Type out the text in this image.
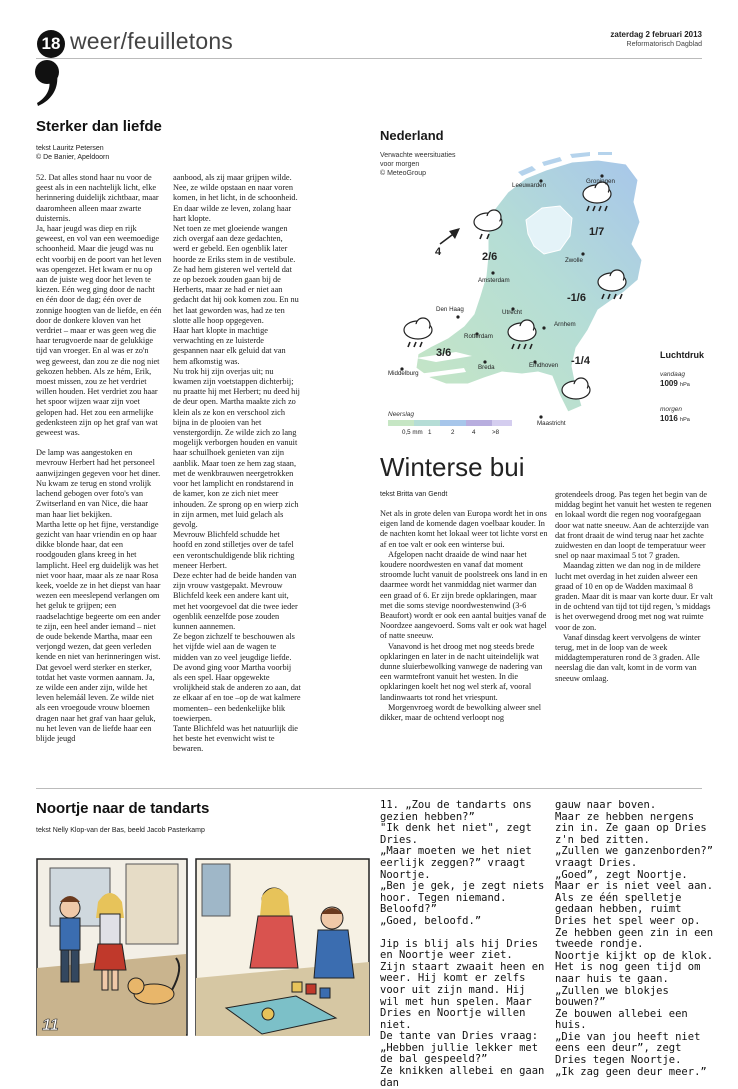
18 weer/feuilletons	zaterdag 2 februari 2013
Reformatorisch Dagblad
Sterker dan liefde
tekst Lauritz Petersen
© De Banier, Apeldoorn

52. Dat alles stond haar nu voor de geest als in een nachtelijk licht, elke herinnering duidelijk zichtbaar, maar daaromheen alleen maar zwarte duisternis.

Ja, haar jeugd was diep en rijk geweest, en vol van een weemoedige schoonheid. Maar die jeugd was nu echt voorbij en de poort van het leven was opengezet. Het kwam er nu op aan de juiste weg door het leven te kiezen. Eén weg ging door de nacht en één door de dag; één over de zonnige hoogten van de liefde, en één door de donkere kloven van het verdriet – maar er was geen weg die haar terugvoerde naar de gelukkige tijd van vroeger. En al was er zo'n weg geweest, dan zou ze die nog niet gekozen hebben. Als ze hém, Erik, moest missen, zou ze het verdriet willen houden. Het verdriet zou haar het spoor wijzen waar zijn voet gelopen had. Het zou een armelijke gedenksteen zijn op het graf van wat geweest was.

De lamp was aangestoken en mevrouw Herbert had het personeel aanwijzingen gegeven voor het diner.

Nu kwam ze terug en stond vrolijk lachend gebogen over foto's van Zwitserland en van Nice, die haar man haar liet bekijken.

Martha lette op het fijne, verstandige gezicht van haar vriendin en op haar dikke blonde haar, dat een roodgouden glans kreeg in het lamplicht. Heel erg duidelijk was het niet voor haar, maar als ze naar Rosa keek, voelde ze in het diepst van haar wezen een meeslepend verlangen om het geluk te grijpen; een raadselachtige begeerte om een ander te zijn, een heel ander iemand – niet de oude bekende Martha, maar een verjongd wezen, dat geen verleden kende en niet van herinneringen wist.

Dat gevoel werd sterker en sterker, totdat het vaste vormen aannam. Ja, ze wilde een ander zijn, wilde het leven helemáál leven. Ze wilde niet als een vroegoude vrouw bloemen dragen naar het graf van haar geluk, nu het leven van de liefde haar een blijde jeugd

aanbood, als zij maar grijpen wilde. Nee, ze wilde opstaan en naar voren komen, in het licht, in de schoonheid. En daar wilde ze leven, zolang haar hart klopte.

Net toen ze met gloeiende wangen zich overgaf aan deze gedachten, werd er gebeld. Een ogenblik later hoorde ze Eriks stem in de vestibule. Ze had hem gisteren wel verteld dat ze op bezoek zouden gaan bij de Herberts, maar ze had er niet aan gedacht dat hij ook komen zou. En nu het laat geworden was, had ze ten slotte alle hoop opgegeven.

Haar hart klopte in machtige verwachting en ze luisterde gespannen naar elk geluid dat van hem afkomstig was.

Nu trok hij zijn overjas uit; nu kwamen zijn voetstappen dichterbij; nu praatte hij met Herbert; nu deed hij de deur open. Martha maakte zich zo klein als ze kon en verschool zich bijna in de plooien van het venstergordijn. Ze wilde zich zo lang mogelijk verborgen houden en vanuit haar schuilhoek genieten van zijn aanblik. Maar toen ze hem zag staan, met de wenkbrauwen neergetrokken voor het lamplicht en rondstarend in de kamer, kon ze zich niet meer inhouden. Ze sprong op en wierp zich in zijn armen, met luid gelach als gevolg.

Mevrouw Blichfeld schudde het hoofd en zond stilletjes over de tafel een verontschuldigende blik richting meneer Herbert.

Deze echter had de beide handen van zijn vrouw vastgepakt. Mevrouw Blichfeld keek een andere kant uit, met het voorgevoel dat die twee ieder ogenblik eenzelfde pose zouden kunnen aannemen.

Ze begon zichzelf te beschouwen als het vijfde wiel aan de wagen te midden van zo veel jeugdige liefde.

De avond ging voor Martha voorbij als een spel. Haar opgewekte vrolijkheid stak de anderen zo aan, dat ze elkaar af en toe –op de wat kalmere momenten– een bedenkelijke blik toewierpen.

Tante Blichfeld was het natuurlijk die het beste het evenwicht wist te bewaren.

Nederland
Verwachte weersituaties
voor morgen
© MeteoGroup
Leeuwarden
Groningen
Zwolle
Amsterdam
Den Haag	Utrecht
Rotterdam
Arnhem
Breda	Eindhoven
Middelburg
Maastricht
4	2/6
1/7
-1/6
3/6
-1/4
Neerslag
0,5 mm 1	2	4	>8
Luchtdruk
vandaag
1009 hPa
morgen
1016 hPa
Winterse bui
tekst Britta van Gendt

Net als in grote delen van Europa wordt het in ons eigen land de komende dagen voelbaar kouder. In de nachten komt het lokaal weer tot lichte vorst en af en toe valt er ook een winterse bui.

Afgelopen nacht draaide de wind naar het koudere noordwesten en vanaf dat moment stroomde lucht vanuit de poolstreek ons land in en daarmee wordt het vanmiddag niet warmer dan een graad of 6. Er zijn brede opklaringen, maar met die soms stevige noordwestenwind (3-6 Beaufort) wordt er ook een aantal buitjes vanaf de Noordzee aangevoerd. Soms valt er ook wat hagel of natte sneeuw.

Vanavond is het droog met nog steeds brede opklaringen en later in de nacht uiteindelijk wat dunne sluierbewolking vanwege de nadering van een warmtefront vanuit het westen. In die opklaringen koelt het nog wel sterk af, vooral landinwaarts tot rond het vriespunt.

Morgenvroeg wordt de bewolking alweer snel dikker, maar de ochtend verloopt nog

grotendeels droog. Pas tegen het begin van de middag begint het vanuit het westen te regenen en lokaal wordt die regen nog voorafgegaan door wat natte sneeuw. Aan de achterzijde van dat front draait de wind terug naar het zachte zuidwesten en dan loopt de temperatuur weer snel op naar maximaal 5 tot 7 graden.

Maandag zitten we dan nog in de mildere lucht met overdag in het zuiden alweer een graad of 10 en op de Wadden maximaal 8 graden. Maar dit is maar van korte duur. Er valt in de ochtend van tijd tot tijd regen, 's middags is het overwegend droog met nog wat ruimte voor de zon.

Vanaf dinsdag keert vervolgens de winter terug, met in de loop van de week middagtemperaturen rond de 3 graden. Alle neerslag die dan valt, komt in de vorm van sneeuw omlaag.

Noortje naar de tandarts
tekst Nelly Klop-van der Bas, beeld Jacob Pasterkamp
11

11. „Zou de tandarts ons gezien hebben?”

"Ik denk het niet", zegt Dries.

„Maar moeten we het niet eerlijk zeggen?” vraagt Noortje.

„Ben je gek, je zegt niets hoor. Tegen niemand. Beloofd?”

„Goed, beloofd.”

Jip is blij als hij Dries en Noortje weer ziet.

Zijn staart zwaait heen en weer. Hij komt er zelfs voor uit zijn mand. Hij wil met hun spelen. Maar Dries en Noortje willen niet.

De tante van Dries vraag: „Hebben jullie lekker met de bal gespeeld?”

Ze knikken allebei en gaan dan

gauw naar boven.

Maar ze hebben nergens zin in. Ze gaan op Dries z'n bed zitten.

„Zullen we ganzenborden?” vraagt Dries.

„Goed”, zegt Noortje.

Maar er is niet veel aan.

Als ze één spelletje gedaan hebben, ruimt Dries het spel weer op.

Ze hebben geen zin in een tweede rondje.

Noortje kijkt op de klok.

Het is nog geen tijd om naar huis te gaan.

„Zullen we blokjes bouwen?”

Ze bouwen allebei een huis.

„Die van jou heeft niet eens een deur”, zegt Dries tegen Noortje.

„Ik zag geen deur meer.”
